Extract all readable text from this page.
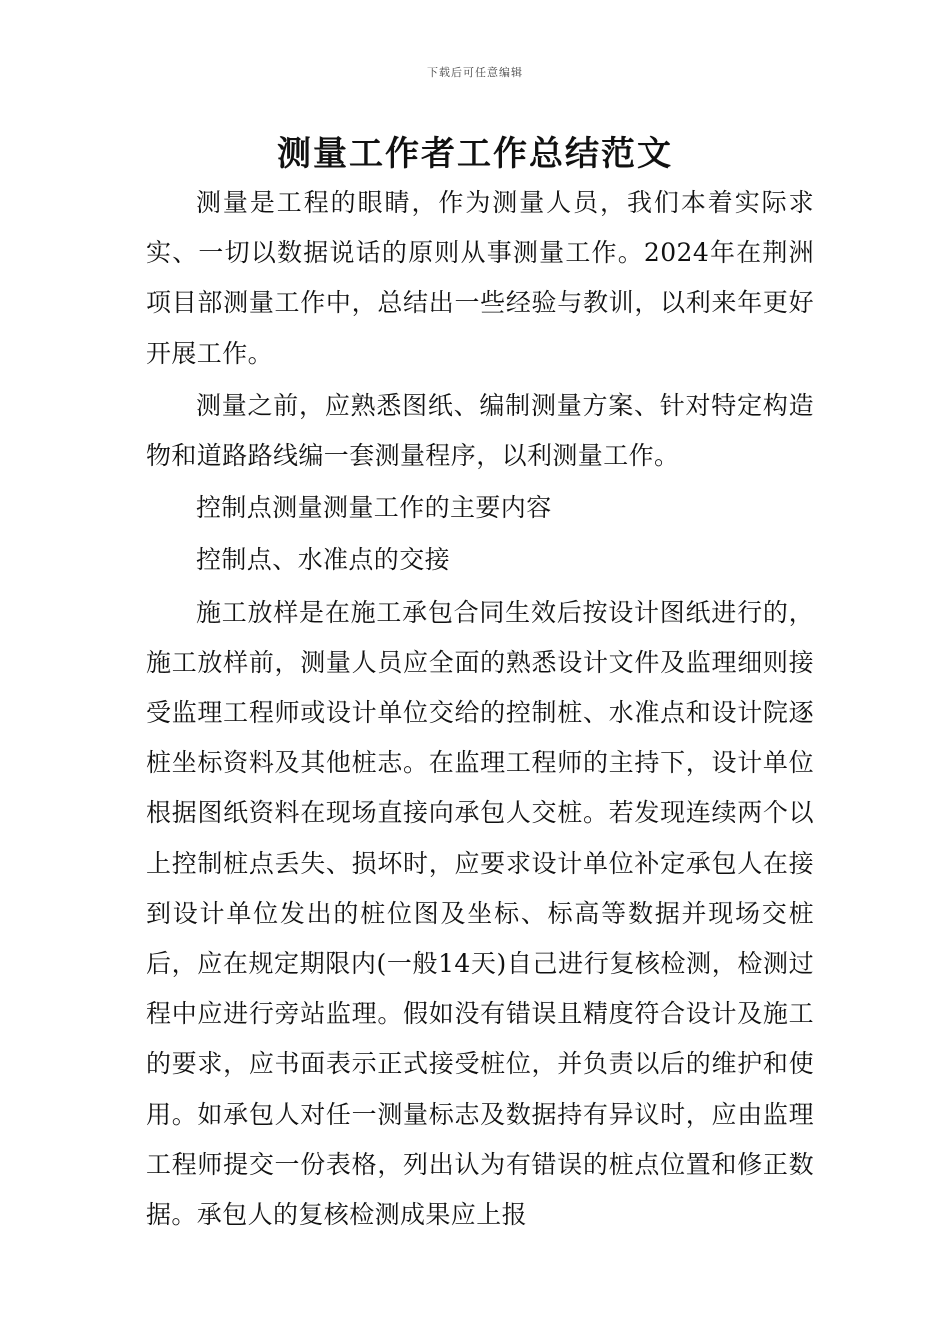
下载后可任意编辑
测量工作者工作总结范文

测量是工程的眼睛，作为测量人员，我们本着实际求实、一切以数据说话的原则从事测量工作。2024年在荆洲项目部测量工作中，总结出一些经验与教训，以利来年更好开展工作。

测量之前，应熟悉图纸、编制测量方案、针对特定构造物和道路路线编一套测量程序，以利测量工作。

控制点测量测量工作的主要内容

控制点、水准点的交接

施工放样是在施工承包合同生效后按设计图纸进行的，施工放样前，测量人员应全面的熟悉设计文件及监理细则接受监理工程师或设计单位交给的控制桩、水准点和设计院逐桩坐标资料及其他桩志。在监理工程师的主持下，设计单位根据图纸资料在现场直接向承包人交桩。若发现连续两个以上控制桩点丢失、损坏时，应要求设计单位补定承包人在接到设计单位发出的桩位图及坐标、标高等数据并现场交桩后，应在规定期限内(一般14天)自己进行复核检测，检测过程中应进行旁站监理。假如没有错误且精度符合设计及施工的要求，应书面表示正式接受桩位，并负责以后的维护和使用。如承包人对任一测量标志及数据持有异议时，应由监理工程师提交一份表格，列出认为有错误的桩点位置和修正数据。承包人的复核检测成果应上报
